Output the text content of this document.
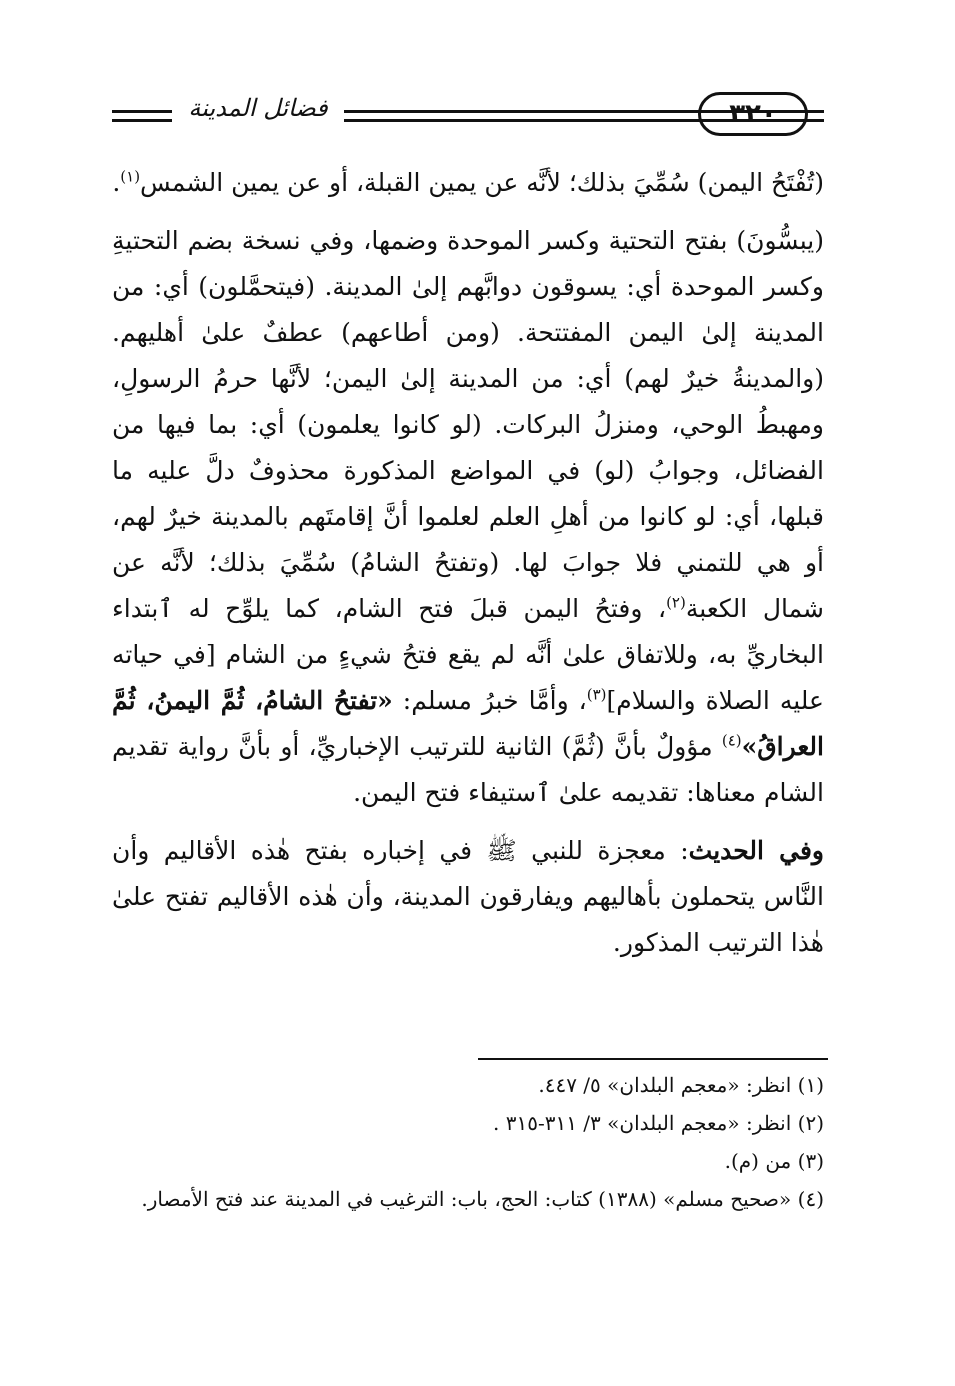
فضائل المدينة	٣٢٠

(تُفْتَحُ اليمن) سُمِّيَ بذلك؛ لأنَّه عن يمين القبلة، أو عن يمين الشمس$^{(١)}$.

(يبسُّونَ) بفتح التحتية وكسر الموحدة وضمها، وفي نسخة بضم التحتيةِ وكسر الموحدة أي: يسوقون دوابَّهم إلىٰ المدينة. (فيتحمَّلون) أي: من المدينة إلىٰ اليمن المفتتحة. (ومن أطاعهم) عطفٌ علىٰ أهليهم. (والمدينةُ خيرٌ لهم) أي: من المدينة إلىٰ اليمن؛ لأنَّها حرمُ الرسولِ، ومهبطُ الوحي، ومنزلُ البركات. (لو كانوا يعلمون) أي: بما فيها من الفضائل، وجوابُ (لو) في المواضع المذكورة محذوفٌ دلَّ عليه ما قبلها، أي: لو كانوا من أهلِ العلم لعلموا أنَّ إقامتَهم بالمدينة خيرٌ لهم، أو هي للتمني فلا جوابَ لها. (وتفتحُ الشامُ) سُمِّيَ بذلك؛ لأنَّه عن شمال الكعبة$^{(٢)}$، وفتحُ اليمن قبلَ فتح الشام، كما يلوِّح له ٱبتداء البخاريِّ به، وللاتفاق علىٰ أنَّه لم يقع فتحُ شيءٍ من الشام [في حياته عليه الصلاة والسلام]$^{(٣)}$، وأمَّا خبرُ مسلم: «تفتحُ الشامُ، ثُمَّ اليمنُ، ثُمَّ العراقُ»$^{(٤)}$ مؤولٌ بأنَّ (ثُمَّ) الثانية للترتيب الإخباريِّ، أو بأنَّ رواية تقديم الشام معناها: تقديمه علىٰ ٱستيفاء فتح اليمن.

وفي الحديث: معجزة للنبي ﷺ في إخباره بفتح هٰذه الأقاليم وأن النَّاس يتحملون بأهاليهم ويفارقون المدينة، وأن هٰذه الأقاليم تفتح علىٰ هٰذا الترتيب المذكور.

(١) انظر: «معجم البلدان» ٥/ ٤٤٧.
(٢) انظر: «معجم البلدان» ٣/ ٣١١-٣١٥ .
(٣) من (م).
(٤) «صحيح مسلم» (١٣٨٨) كتاب: الحج، باب: الترغيب في المدينة عند فتح الأمصار.
